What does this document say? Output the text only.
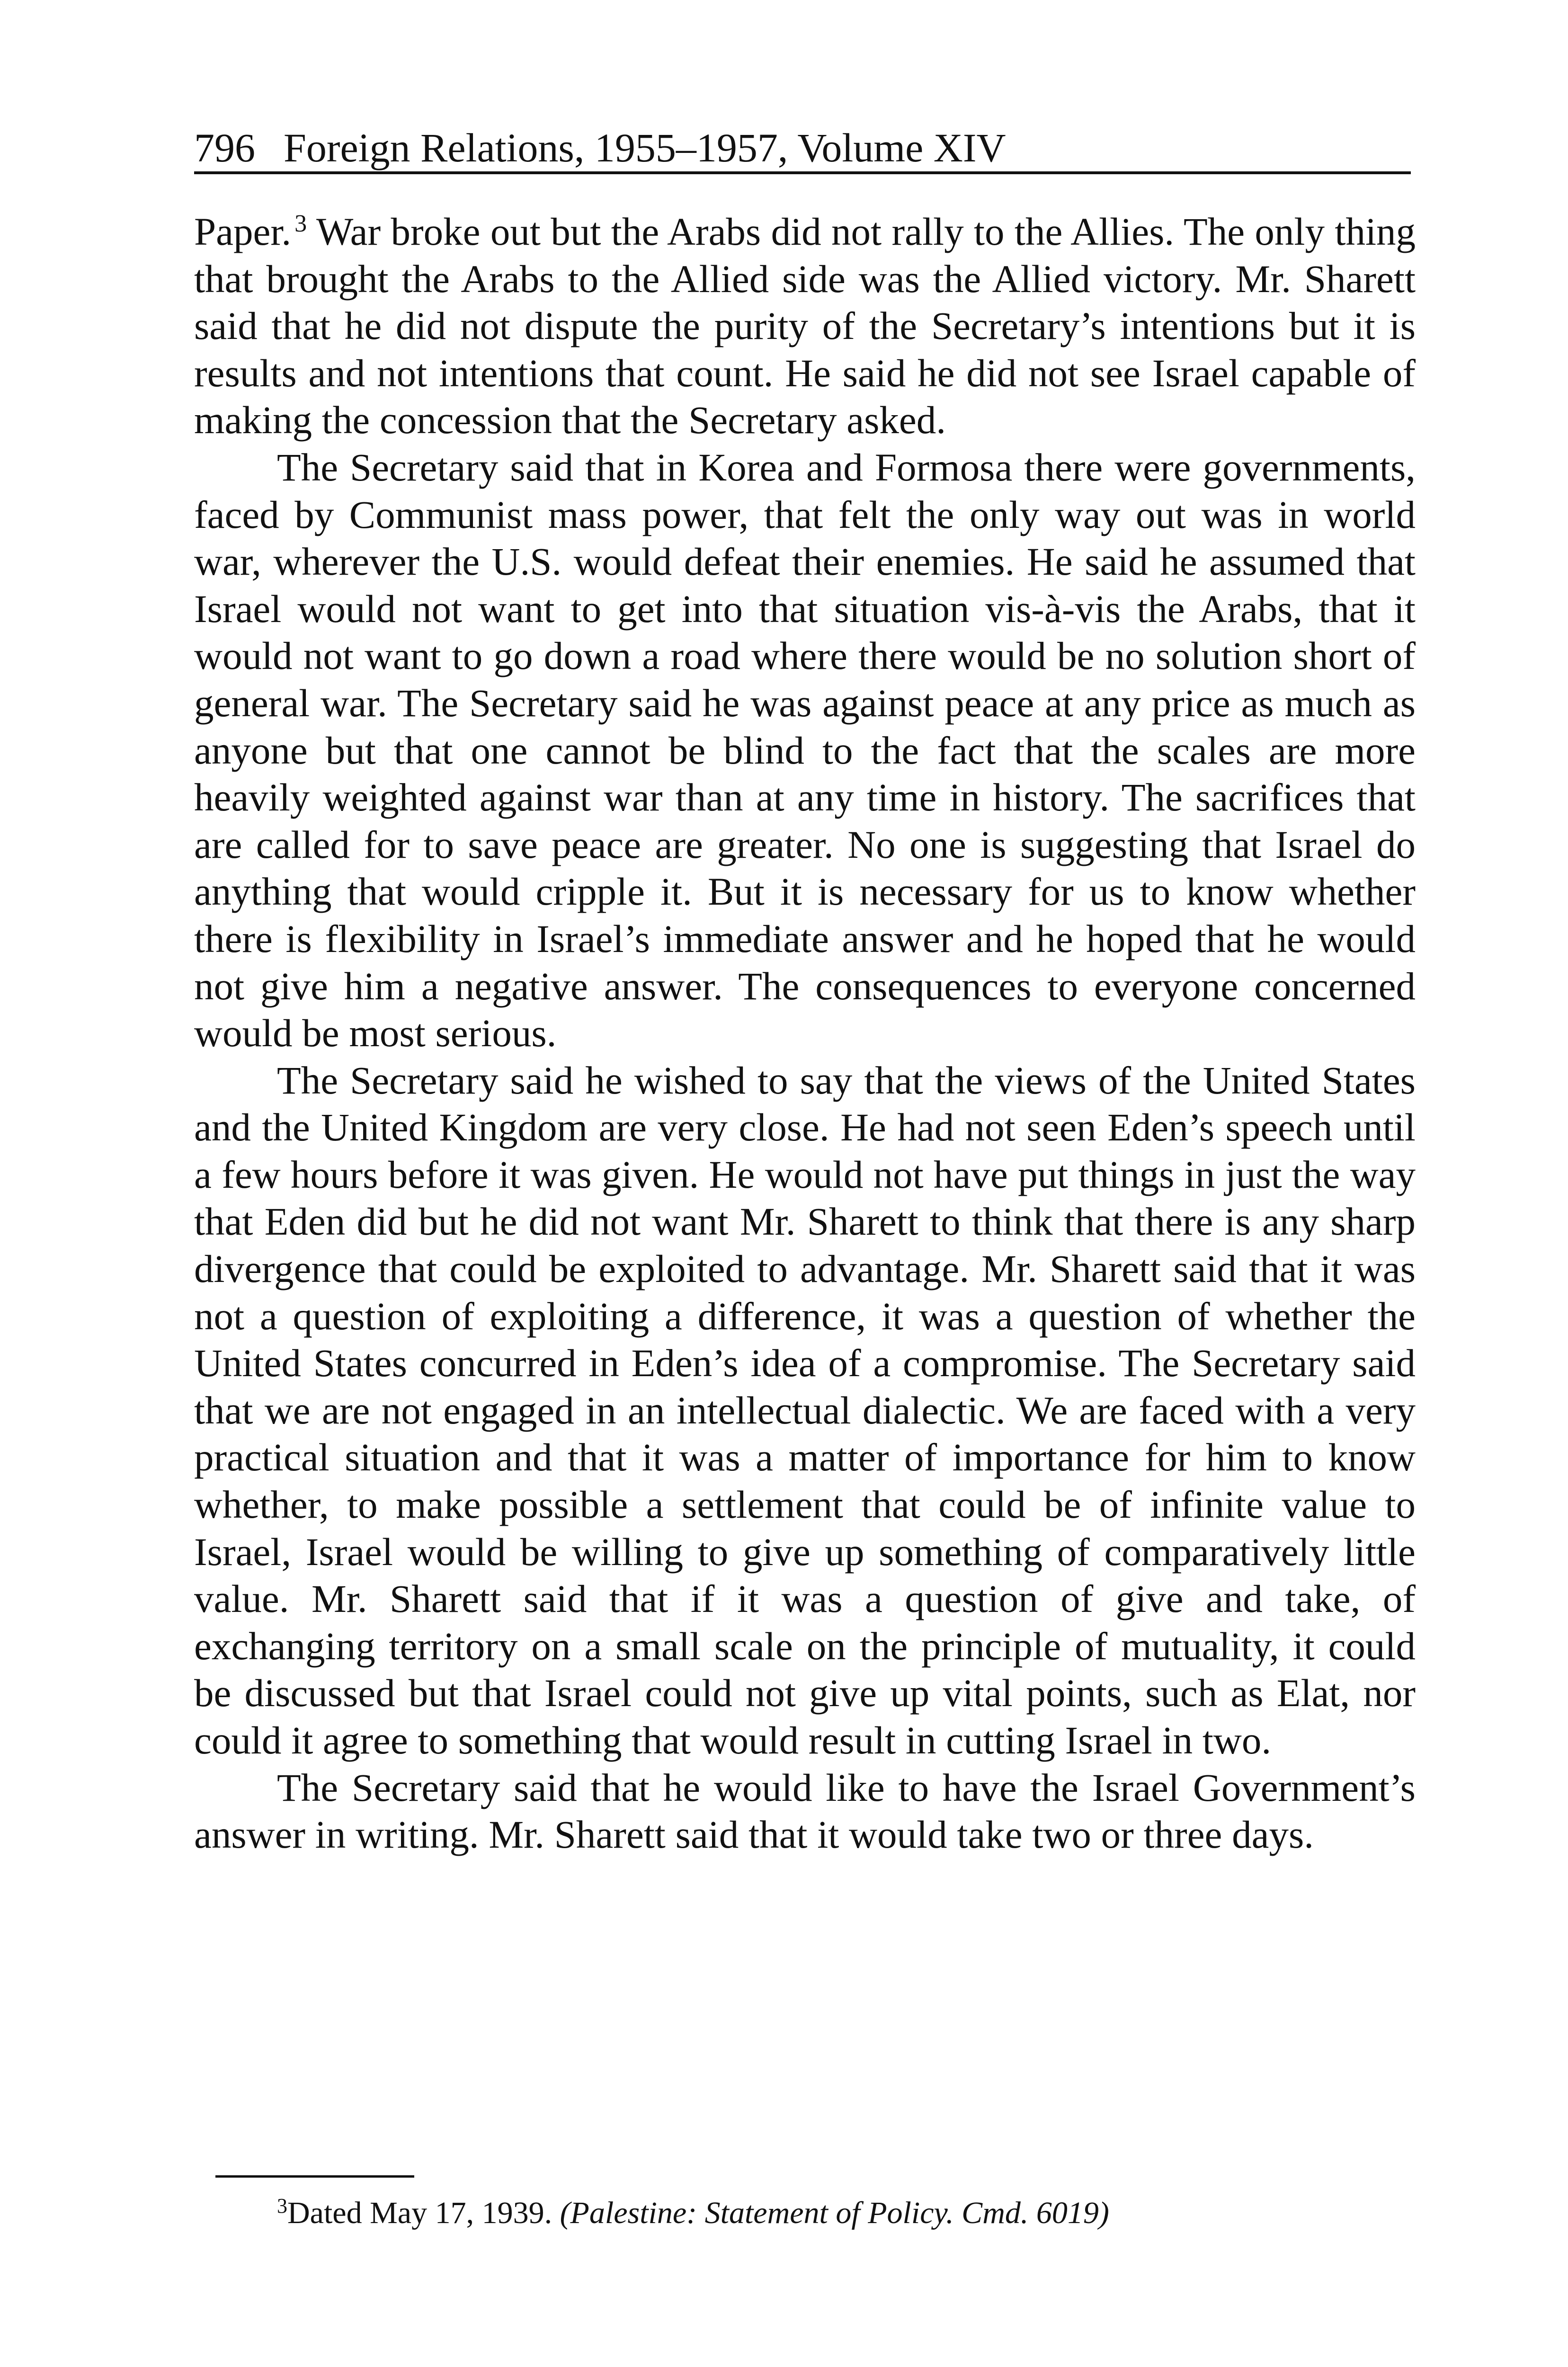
796 Foreign Relations, 1955–1957, Volume XIV

Paper.  $^3$ War broke out but the Arabs did not rally to the Allies. The only thing that brought the Arabs to the Allied side was the Allied victory. Mr. Sharett said that he did not dispute the purity of the Secretary’s intentions but it is results and not intentions that count. He said he did not see Israel capable of making the concession that the Secretary asked.

The Secretary said that in Korea and Formosa there were governments, faced by Communist mass power, that felt the only way out was in world war, wherever the U.S. would defeat their enemies. He said he assumed that Israel would not want to get into that situation vis-à-vis the Arabs, that it would not want to go down a road where there would be no solution short of general war. The Secretary said he was against peace at any price as much as anyone but that one cannot be blind to the fact that the scales are more heavily weighted against war than at any time in history. The sacrifices that are called for to save peace are greater. No one is suggesting that Israel do anything that would cripple it. But it is necessary for us to know whether there is flexibility in Israel’s immediate answer and he hoped that he would not give him a negative answer. The consequences to everyone concerned would be most serious.

The Secretary said he wished to say that the views of the United States and the United Kingdom are very close. He had not seen Eden’s speech until a few hours before it was given. He would not have put things in just the way that Eden did but he did not want Mr. Sharett to think that there is any sharp divergence that could be exploited to advantage. Mr. Sharett said that it was not a question of exploiting a difference, it was a question of whether the United States concurred in Eden’s idea of a compromise. The Secretary said that we are not engaged in an intellectual dialectic. We are faced with a very practical situation and that it was a matter of importance for him to know whether, to make possible a settlement that could be of infinite value to Israel, Israel would be willing to give up something of comparatively little value. Mr. Sharett said that if it was a question of give and take, of exchanging territory on a small scale on the principle of mutuality, it could be discussed but that Israel could not give up vital points, such as Elat, nor could it agree to something that would result in cutting Israel in two.

The Secretary said that he would like to have the Israel Government’s answer in writing. Mr. Sharett said that it would take two or three days.

$^3$Dated May 17, 1939. (Palestine: Statement of Policy. Cmd. 6019)
